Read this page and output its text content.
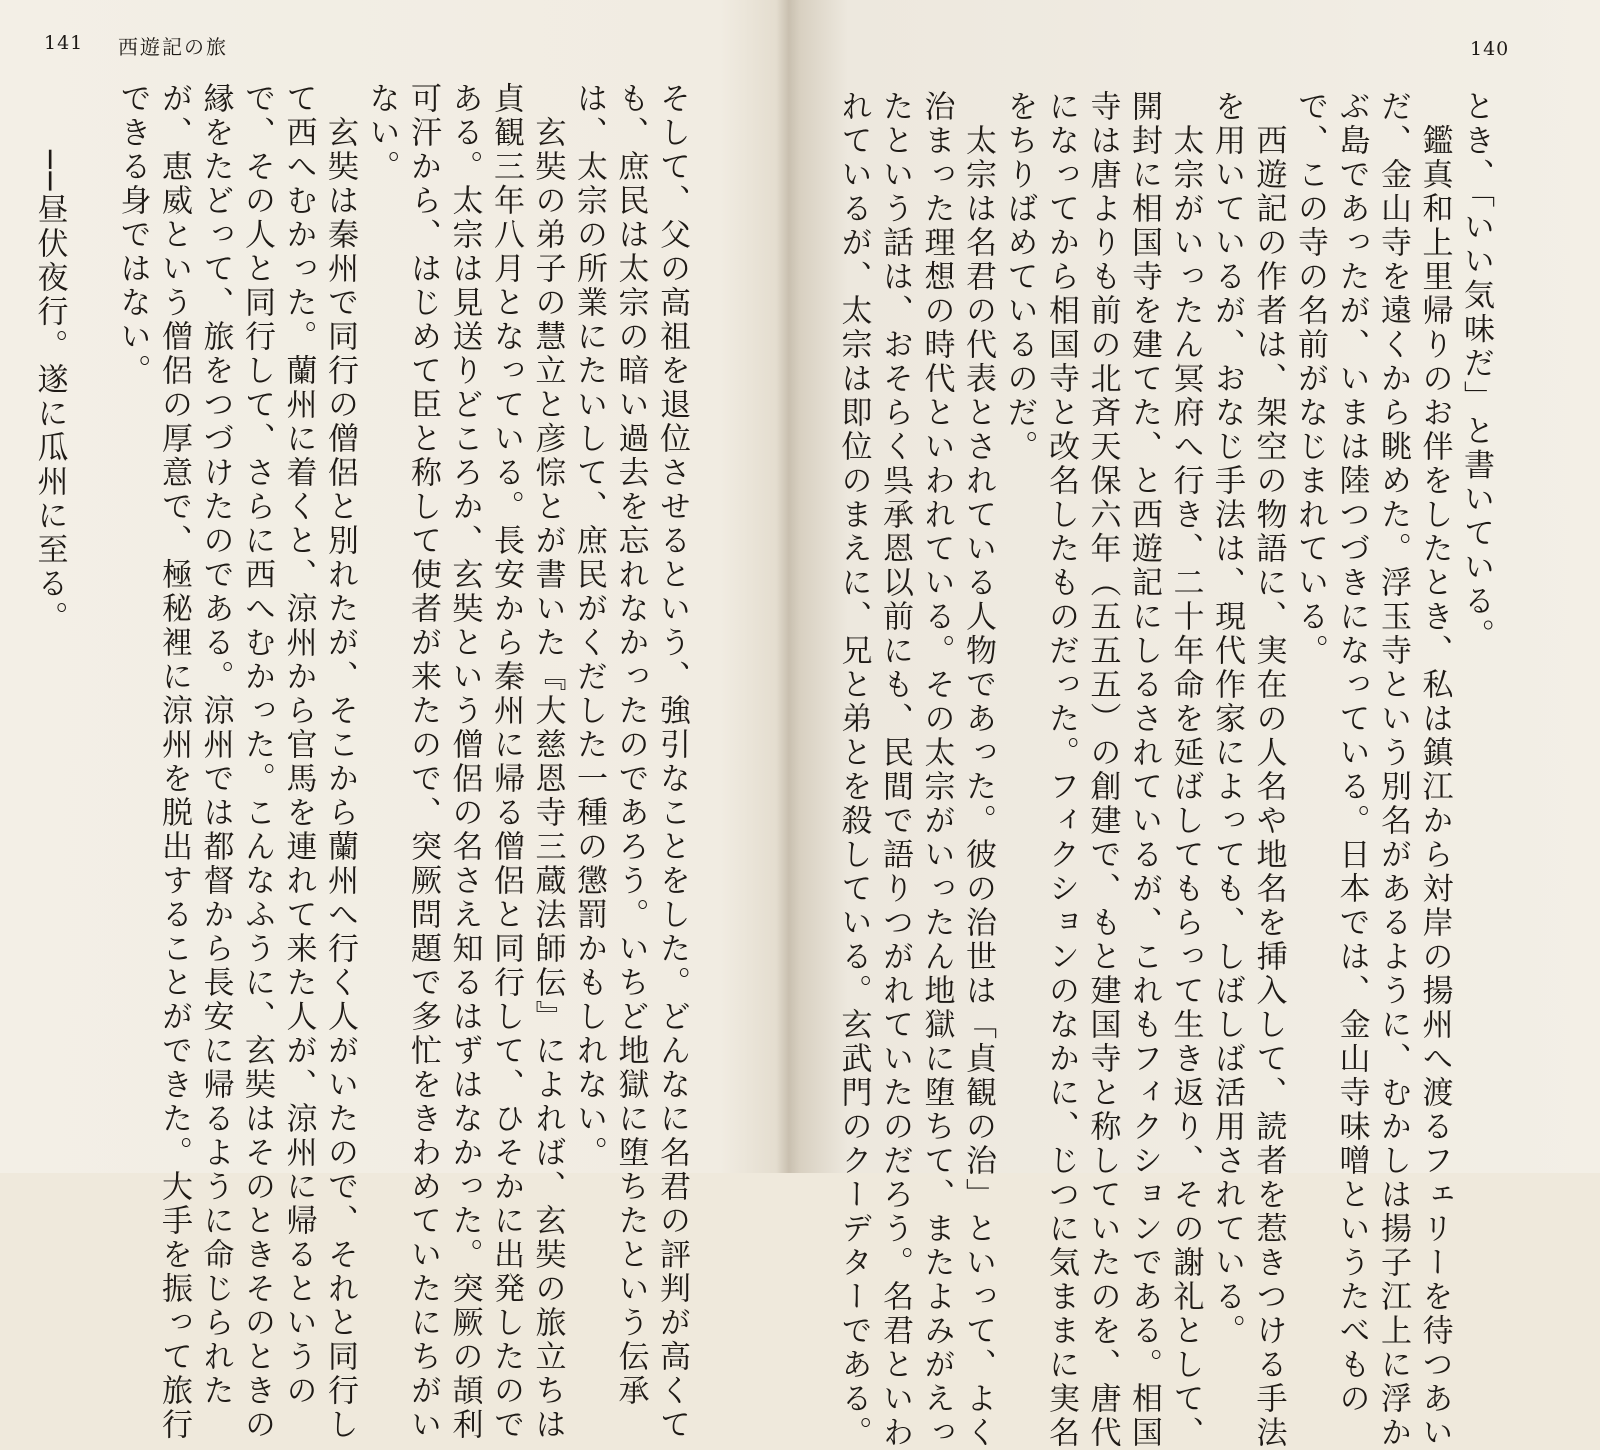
141 西遊記の旅
そして、父の高祖を退位させるという、強引なことをした。どんなに名君の評判が高くて
も、庶民は太宗の暗い過去を忘れなかったのであろう。いちど地獄に堕ちたという伝承
は、太宗の所業にたいして、庶民がくだした一種の懲罰かもしれない。
　玄奘の弟子の慧立と彦悰とが書いた『大慈恩寺三蔵法師伝』によれば、玄奘の旅立ちは
貞観三年八月となっている。長安から秦州に帰る僧侶と同行して、ひそかに出発したので
ある。太宗は見送りどころか、玄奘という僧侶の名さえ知るはずはなかった。突厥の頡利
可汗から、はじめて臣と称して使者が来たので、突厥問題で多忙をきわめていたにちがい
ない。
　玄奘は秦州で同行の僧侶と別れたが、そこから蘭州へ行く人がいたので、それと同行し
て西へむかった。蘭州に着くと、涼州から官馬を連れて来た人が、涼州に帰るというの
で、その人と同行して、さらに西へむかった。こんなふうに、玄奘はそのときそのときの
縁をたどって、旅をつづけたのである。涼州では都督から長安に帰るように命じられた
が、恵威という僧侶の厚意で、極秘裡に涼州を脱出することができた。大手を振って旅行
できる身ではない。

　　──昼伏夜行。遂に瓜州に至る。
140
とき、「いい気味だ」と書いている。
　鑑真和上里帰りのお伴をしたとき、私は鎮江から対岸の揚州へ渡るフェリーを待つあい
だ、金山寺を遠くから眺めた。浮玉寺という別名があるように、むかしは揚子江上に浮か
ぶ島であったが、いまは陸つづきになっている。日本では、金山寺味噌というたべもの
で、この寺の名前がなじまれている。
　西遊記の作者は、架空の物語に、実在の人名や地名を挿入して、読者を惹きつける手法
を用いているが、おなじ手法は、現代作家によっても、しばしば活用されている。
　太宗がいったん冥府へ行き、二十年命を延ばしてもらって生き返り、その謝礼として、
開封に相国寺を建てた、と西遊記にしるされているが、これもフィクションである。相国
寺は唐よりも前の北斉天保六年（五五五）の創建で、もと建国寺と称していたのを、唐代
になってから相国寺と改名したものだった。フィクションのなかに、じつに気ままに実名
をちりばめているのだ。
　太宗は名君の代表とされている人物であった。彼の治世は「貞観の治」といって、よく
治まった理想の時代といわれている。その太宗がいったん地獄に堕ちて、またよみがえっ
たという話は、おそらく呉承恩以前にも、民間で語りつがれていたのだろう。名君といわ
れているが、太宗は即位のまえに、兄と弟とを殺している。玄武門のクーデターである。
